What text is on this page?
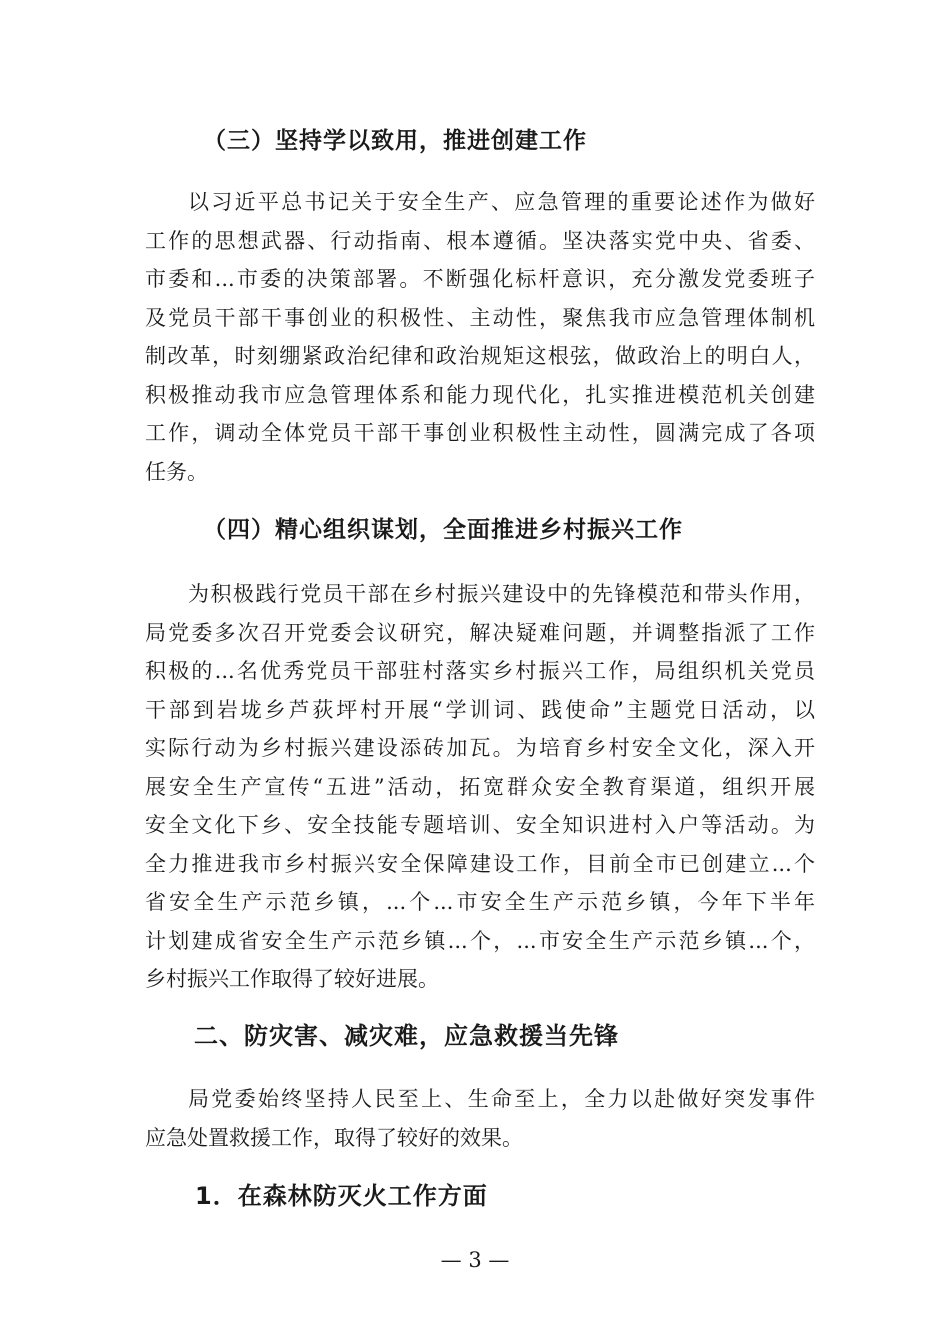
（三）坚持学以致用，推进创建工作
以习近平总书记关于安全生产、应急管理的重要论述作为做好
工作的思想武器、行动指南、根本遵循。坚决落实党中央、省委、
市委和...市委的决策部署。不断强化标杆意识，充分激发党委班子
及党员干部干事创业的积极性、主动性，聚焦我市应急管理体制机
制改革，时刻绷紧政治纪律和政治规矩这根弦，做政治上的明白人，
积极推动我市应急管理体系和能力现代化，扎实推进模范机关创建
工作，调动全体党员干部干事创业积极性主动性，圆满完成了各项
任务。
（四）精心组织谋划，全面推进乡村振兴工作
为积极践行党员干部在乡村振兴建设中的先锋模范和带头作用，
局党委多次召开党委会议研究，解决疑难问题，并调整指派了工作
积极的...名优秀党员干部驻村落实乡村振兴工作，局组织机关党员
干部到岩垅乡芦荻坪村开展“学训词、践使命”主题党日活动，以
实际行动为乡村振兴建设添砖加瓦。为培育乡村安全文化，深入开
展安全生产宣传“五进”活动，拓宽群众安全教育渠道，组织开展
安全文化下乡、安全技能专题培训、安全知识进村入户等活动。为
全力推进我市乡村振兴安全保障建设工作，目前全市已创建立...个
省安全生产示范乡镇，...个...市安全生产示范乡镇，今年下半年
计划建成省安全生产示范乡镇...个，...市安全生产示范乡镇...个，
乡村振兴工作取得了较好进展。
二、防灾害、减灾难，应急救援当先锋
局党委始终坚持人民至上、生命至上，全力以赴做好突发事件
应急处置救援工作，取得了较好的效果。
1．在森林防灭火工作方面
— 3 —
